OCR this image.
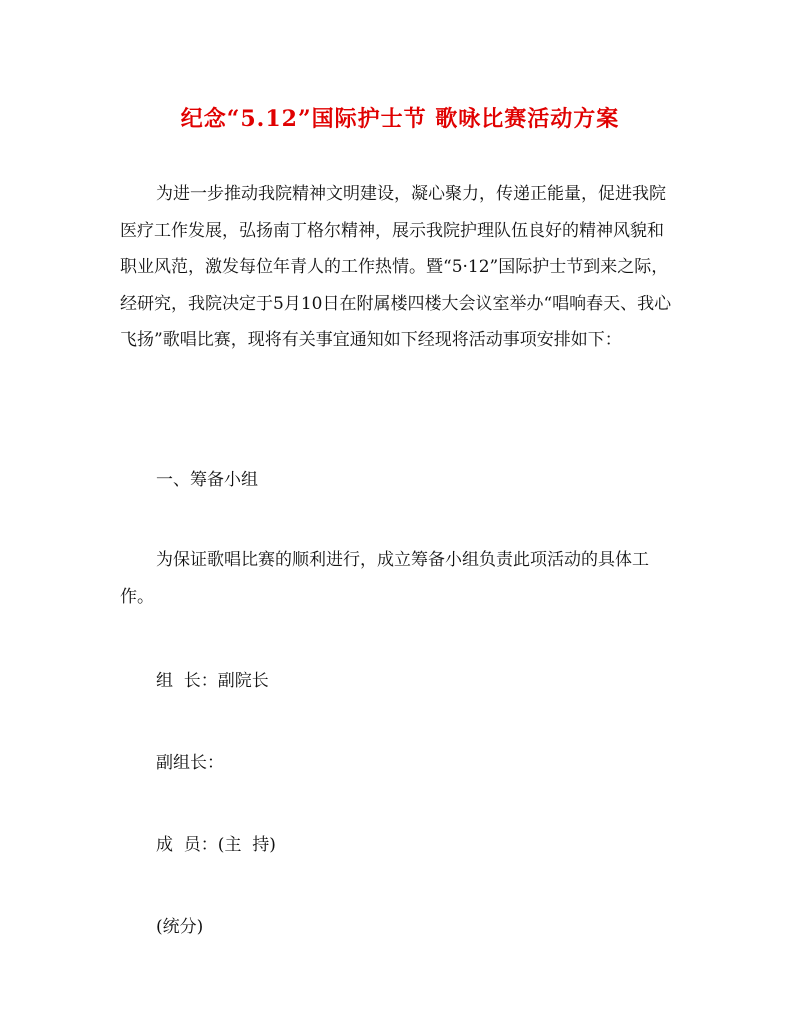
纪念“5.12”国际护士节 歌咏比赛活动方案

为进一步推动我院精神文明建设，凝心聚力，传递正能量，促进我院医疗工作发展，弘扬南丁格尔精神，展示我院护理队伍良好的精神风貌和职业风范，激发每位年青人的工作热情。暨“5·12”国际护士节到来之际，经研究，我院决定于5月10日在附属楼四楼大会议室举办“唱响春天、我心飞扬”歌唱比赛，现将有关事宜通知如下经现将活动事项安排如下：

一、筹备小组

为保证歌唱比赛的顺利进行，成立筹备小组负责此项活动的具体工作。

组  长：副院长
副组长：
成  员：(主  持)
(统分)
